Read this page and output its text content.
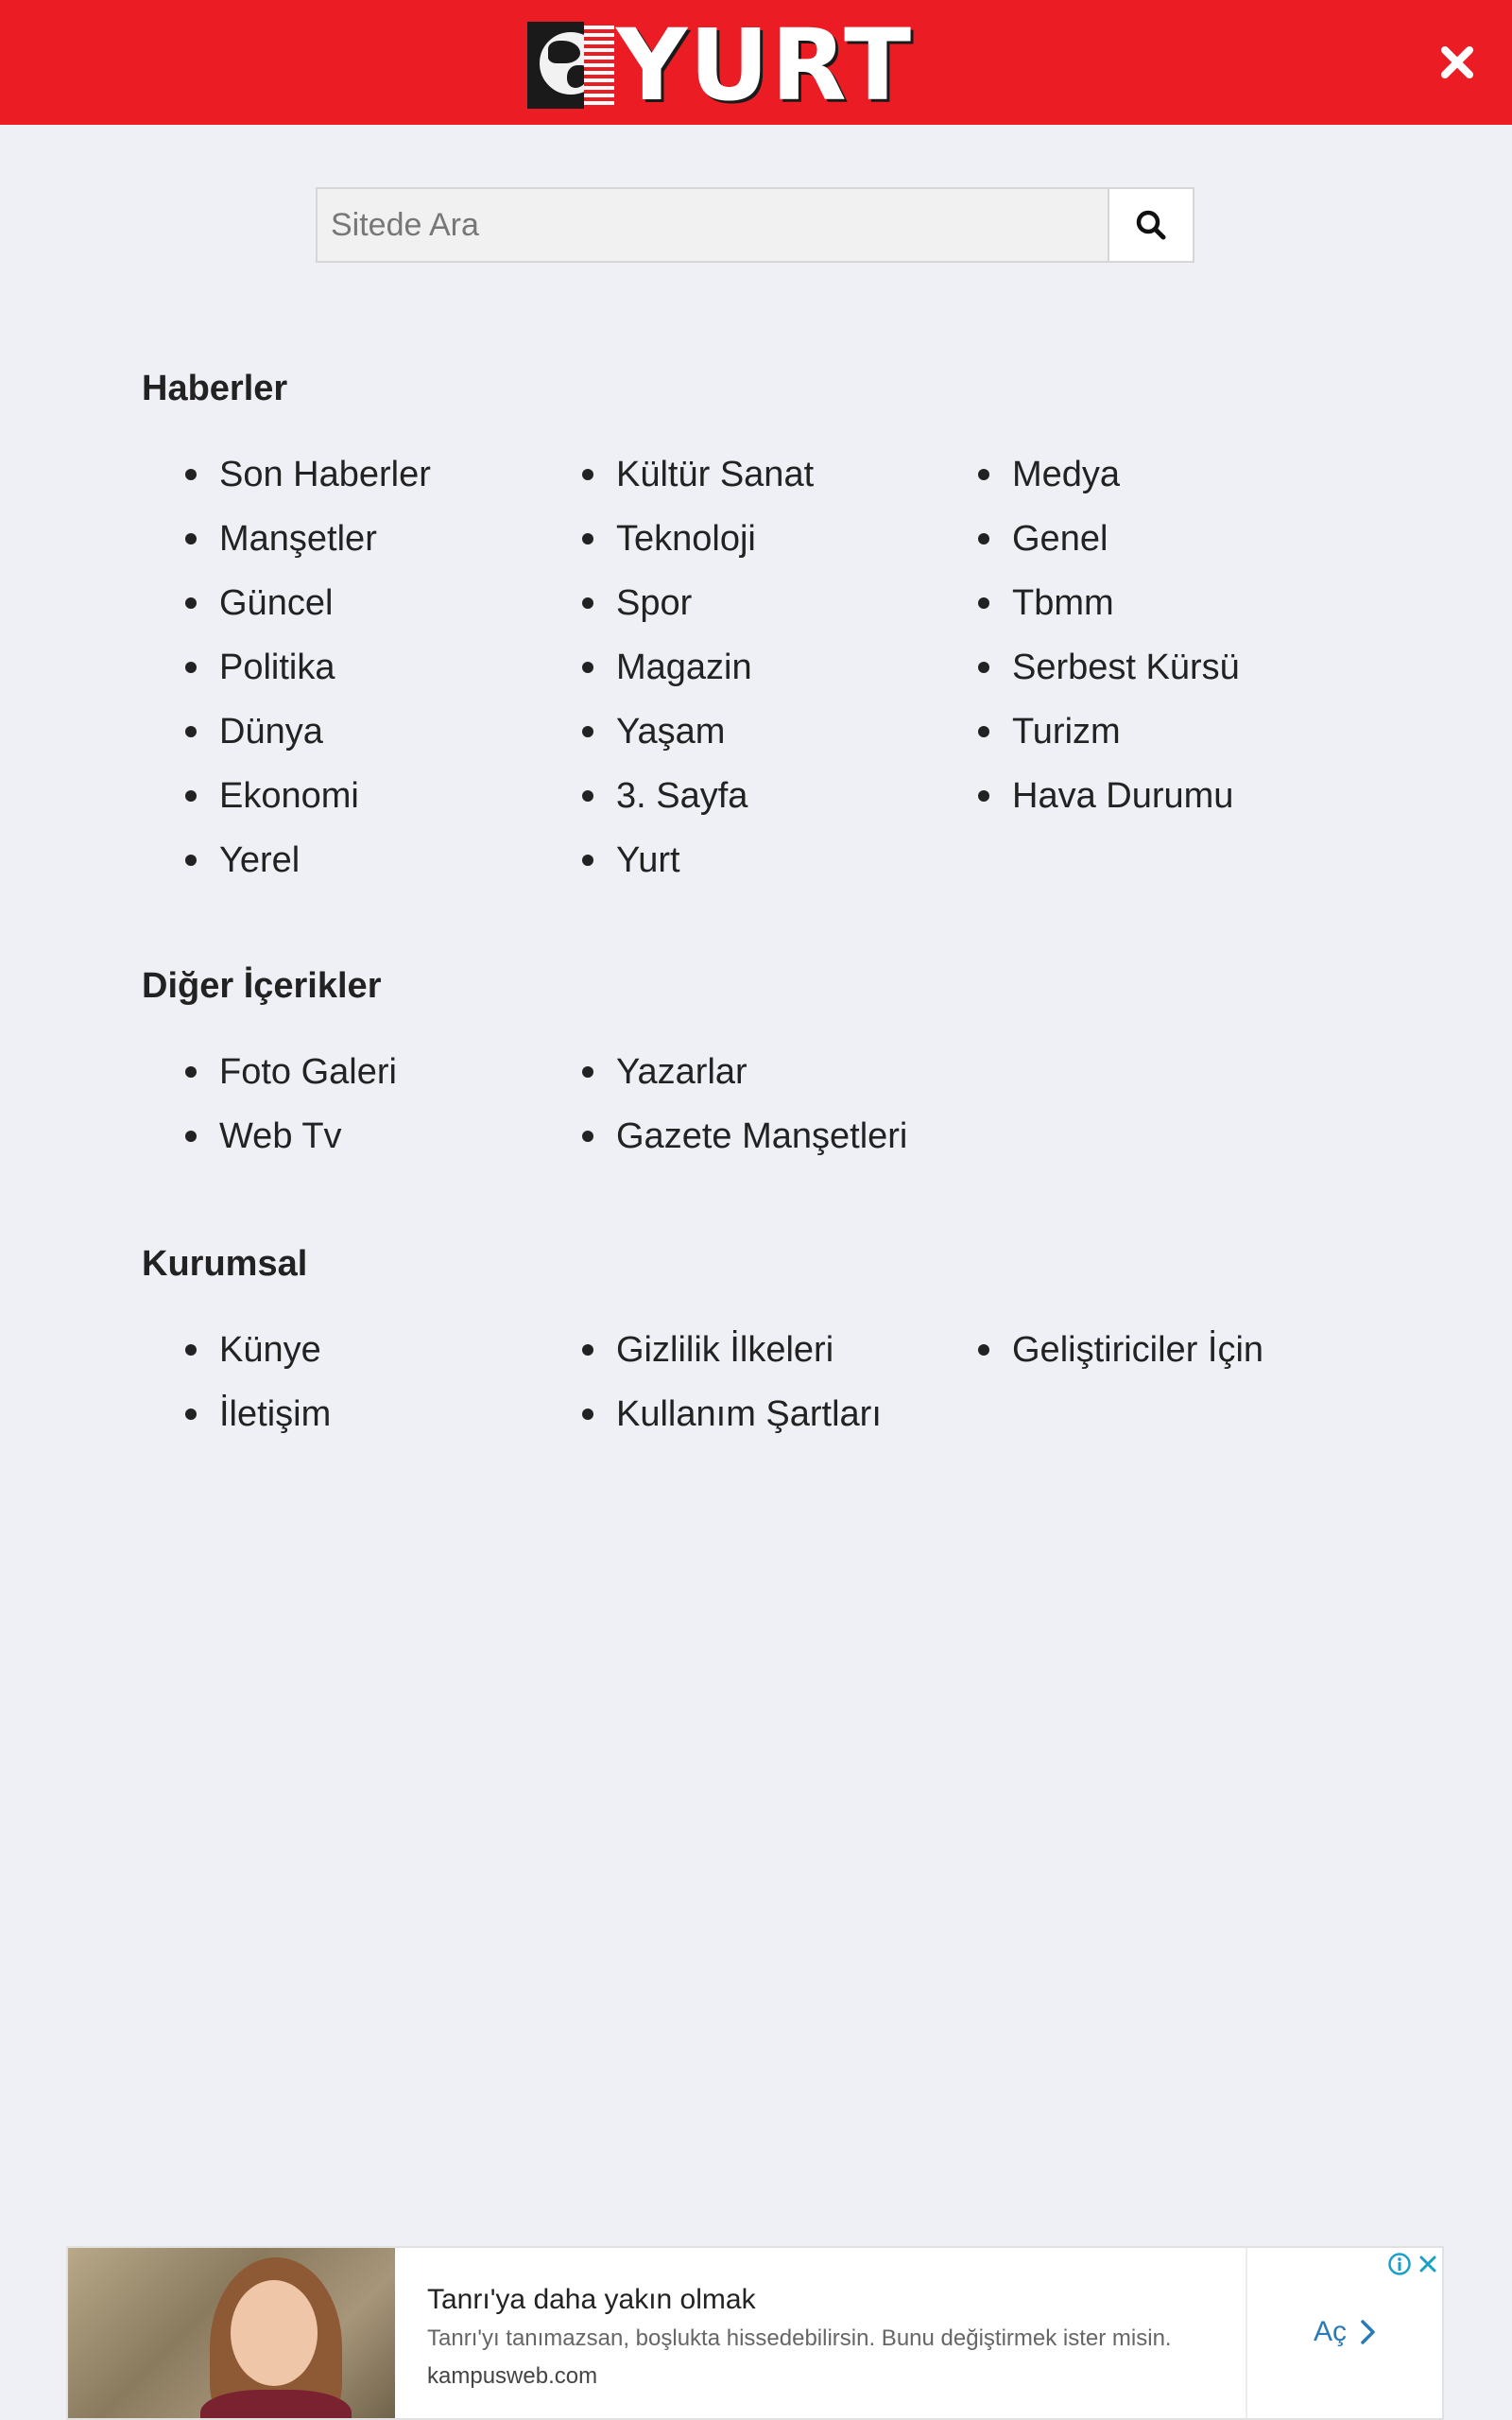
YURT
Sitede Ara
Haberler
Son Haberler
Manşetler
Güncel
Politika
Dünya
Ekonomi
Yerel
Kültür Sanat
Teknoloji
Spor
Magazin
Yaşam
3. Sayfa
Yurt
Medya
Genel
Tbmm
Serbest Kürsü
Turizm
Hava Durumu
Diğer İçerikler
Foto Galeri
Web Tv
Yazarlar
Gazete Manşetleri
Kurumsal
Künye
İletişim
Gizlilik İlkeleri
Kullanım Şartları
Geliştiriciler İçin
Tanrı'ya daha yakın olmak
Tanrı'yı tanımazsan, boşlukta hissedebilirsin. Bunu değiştirmek ister misin.
kampusweb.com
Aç
